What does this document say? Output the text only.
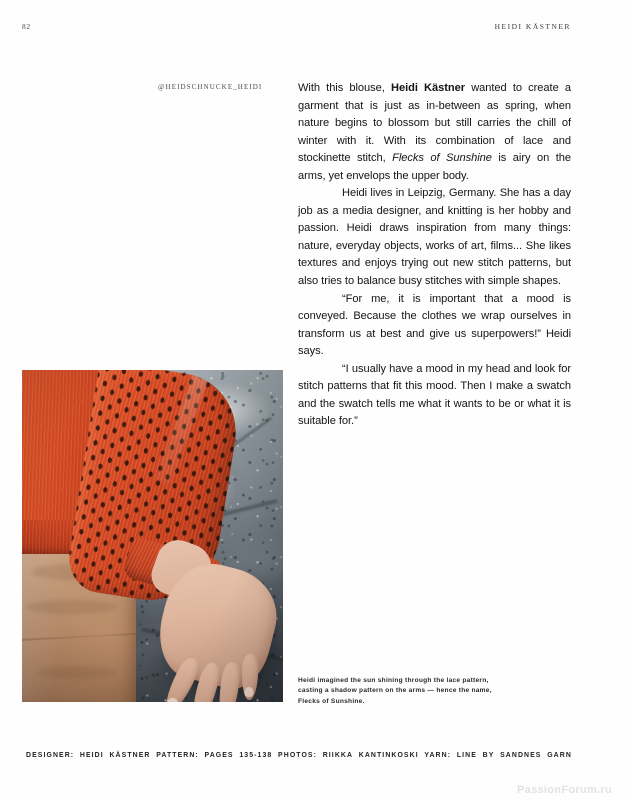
82	HEIDI KÄSTNER
@HEIDSCHNUCKE_HEIDI	With this blouse, Heidi Kästner wanted to create a garment that is just as in-between as spring, when nature begins to blossom but still carries the chill of winter with it. With its combination of lace and stockinette stitch, Flecks of Sunshine is airy on the arms, yet envelops the upper body.

Heidi lives in Leipzig, Germany. She has a day job as a media designer, and knitting is her hobby and passion. Heidi draws inspiration from many things: nature, everyday objects, works of art, films... She likes textures and enjoys trying out new stitch patterns, but also tries to balance busy stitches with simple shapes.

“For me, it is important that a mood is conveyed. Because the clothes we wrap ourselves in transform us at best and give us superpowers!” Heidi says.

“I usually have a mood in my head and look for stitch patterns that fit this mood. Then I make a swatch and the swatch tells me what it wants to be or what it is suitable for.”

Heidi imagined the sun shining through the lace pattern, casting a shadow pattern on the arms — hence the name, Flecks of Sunshine.
DESIGNER: HEIDI KÄSTNER PATTERN: PAGES 135-138 PHOTOS: RIIKKA KANTINKOSKI YARN: LINE BY SANDNES GARN
PassionForum.ru
